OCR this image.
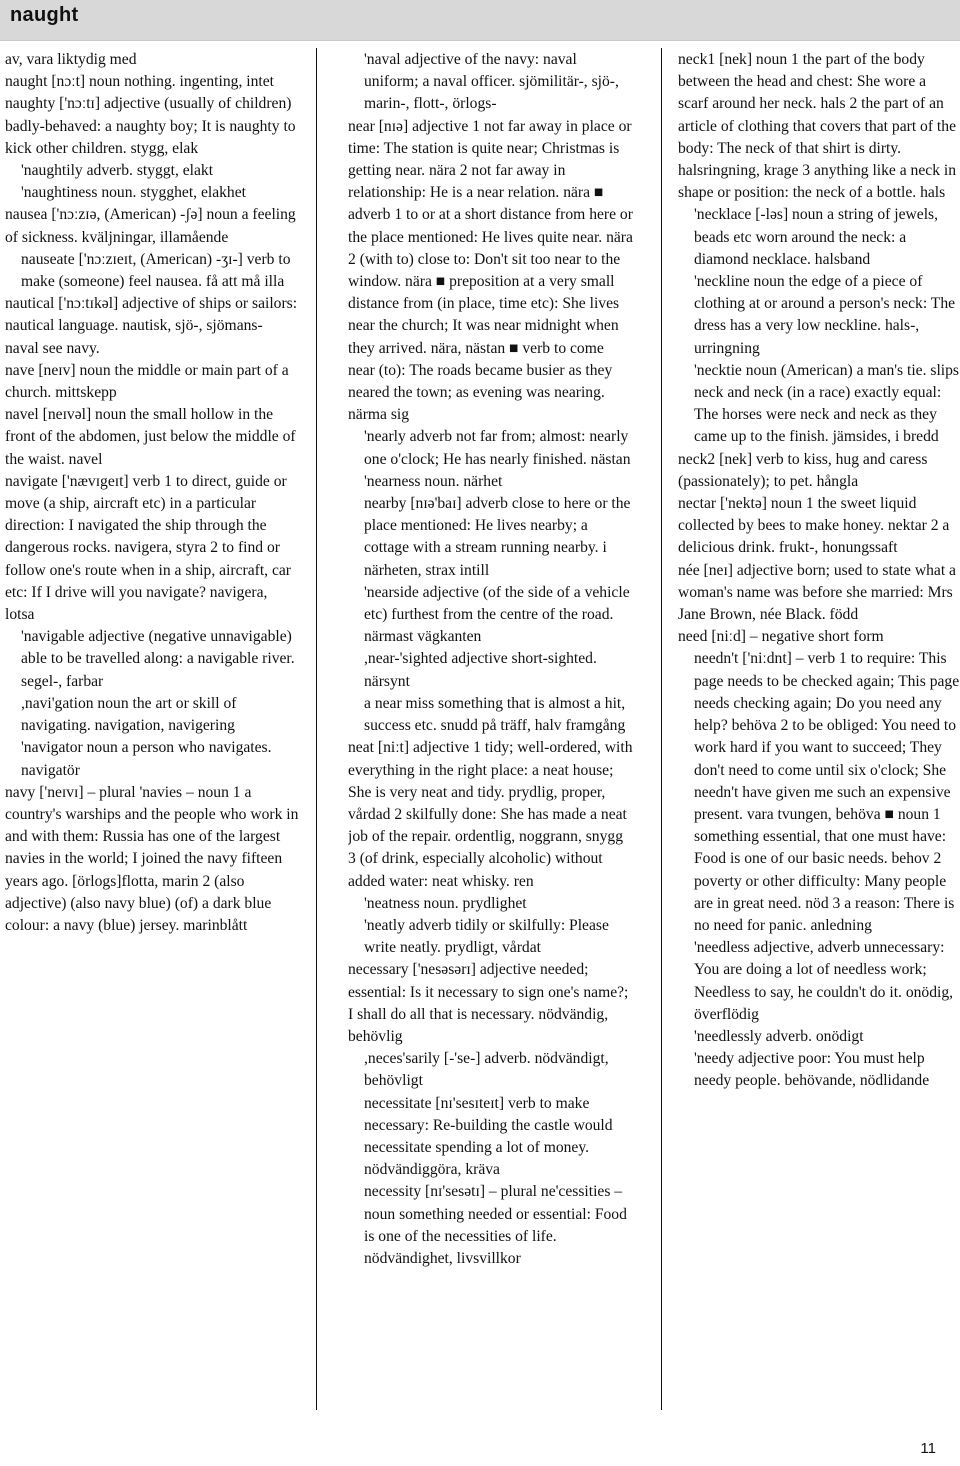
naught

av, vara liktydig med

naught [nɔːt] noun nothing. ingenting, intet

naughty ['nɔːtɪ] adjective (usually of children) badly-behaved: a naughty boy; It is naughty to kick other children. stygg, elak

'naughtily adverb. styggt, elakt

'naughtiness noun. stygghet, elakhet

nausea ['nɔːzɪə, (American) -ʃə] noun a feeling of sickness. kväljningar, illamående

nauseate ['nɔːzɪeɪt, (American) -ʒɪ-] verb to make (someone) feel nausea. få att må illa

nautical ['nɔːtɪkəl] adjective of ships or sailors: nautical language. nautisk, sjö-, sjömans-

naval see navy.

nave [neɪv] noun the middle or main part of a church. mittskepp

navel [neɪvəl] noun the small hollow in the front of the abdomen, just below the middle of the waist. navel

navigate ['nævɪgeɪt] verb 1 to direct, guide or move (a ship, aircraft etc) in a particular direction: I navigated the ship through the dangerous rocks. navigera, styra 2 to find or follow one's route when in a ship, aircraft, car etc: If I drive will you navigate? navigera, lotsa

'navigable adjective (negative unnavigable) able to be travelled along: a navigable river. segel-, farbar

,navi'gation noun the art or skill of navigating. navigation, navigering

'navigator noun a person who navigates. navigatör

navy ['neɪvɪ] – plural 'navies – noun 1 a country's warships and the people who work in and with them: Russia has one of the largest navies in the world; I joined the navy fifteen years ago. [örlogs]flotta, marin 2 (also adjective) (also navy blue) (of) a dark blue colour: a navy (blue) jersey. marinblått

'naval adjective of the navy: naval uniform; a naval officer. sjömilitär-, sjö-, marin-, flott-, örlogs-

near [nɪə] adjective 1 not far away in place or time: The station is quite near; Christmas is getting near. nära 2 not far away in relationship: He is a near relation. nära ■ adverb 1 to or at a short distance from here or the place mentioned: He lives quite near. nära 2 (with to) close to: Don't sit too near to the window. nära ■ preposition at a very small distance from (in place, time etc): She lives near the church; It was near midnight when they arrived. nära, nästan ■ verb to come near (to): The roads became busier as they neared the town; as evening was nearing. närma sig

'nearly adverb not far from; almost: nearly one o'clock; He has nearly finished. nästan

'nearness noun. närhet

nearby [nɪə'baɪ] adverb close to here or the place mentioned: He lives nearby; a cottage with a stream running nearby. i närheten, strax intill

'nearside adjective (of the side of a vehicle etc) furthest from the centre of the road. närmast vägkanten

,near-'sighted adjective short-sighted. närsynt

a near miss something that is almost a hit, success etc. snudd på träff, halv framgång

neat [niːt] adjective 1 tidy; well-ordered, with everything in the right place: a neat house; She is very neat and tidy. prydlig, proper, vårdad 2 skilfully done: She has made a neat job of the repair. ordentlig, noggrann, snygg 3 (of drink, especially alcoholic) without added water: neat whisky. ren

'neatness noun. prydlighet

'neatly adverb tidily or skilfully: Please write neatly. prydligt, vårdat

necessary ['nesəsərɪ] adjective needed; essential: Is it necessary to sign one's name?; I shall do all that is necessary. nödvändig, behövlig

,neces'sarily [-'se-] adverb. nödvändigt, behövligt

necessitate [nɪ'sesɪteɪt] verb to make necessary: Re-building the castle would necessitate spending a lot of money. nödvändiggöra, kräva

necessity [nɪ'sesətɪ] – plural ne'cessities – noun something needed or essential: Food is one of the necessities of life. nödvändighet, livsvillkor

neck1 [nek] noun 1 the part of the body between the head and chest: She wore a scarf around her neck. hals 2 the part of an article of clothing that covers that part of the body: The neck of that shirt is dirty. halsringning, krage 3 anything like a neck in shape or position: the neck of a bottle. hals

'necklace [-ləs] noun a string of jewels, beads etc worn around the neck: a diamond necklace. halsband

'neckline noun the edge of a piece of clothing at or around a person's neck: The dress has a very low neckline. hals-, urringning

'necktie noun (American) a man's tie. slips

neck and neck (in a race) exactly equal: The horses were neck and neck as they came up to the finish. jämsides, i bredd

neck2 [nek] verb to kiss, hug and caress (passionately); to pet. hångla

nectar ['nektə] noun 1 the sweet liquid collected by bees to make honey. nektar 2 a delicious drink. frukt-, honungssaft

née [neɪ] adjective born; used to state what a woman's name was before she married: Mrs Jane Brown, née Black. född

need [niːd] – negative short form

needn't ['niːdnt] – verb 1 to require: This page needs to be checked again; This page needs checking again; Do you need any help? behöva 2 to be obliged: You need to work hard if you want to succeed; They don't need to come until six o'clock; She needn't have given me such an expensive present. vara tvungen, behöva ■ noun 1 something essential, that one must have: Food is one of our basic needs. behov 2 poverty or other difficulty: Many people are in great need. nöd 3 a reason: There is no need for panic. anledning

'needless adjective, adverb unnecessary: You are doing a lot of needless work; Needless to say, he couldn't do it. onödig, överflödig

'needlessly adverb. onödigt

'needy adjective poor: You must help needy people. behövande, nödlidande

11
